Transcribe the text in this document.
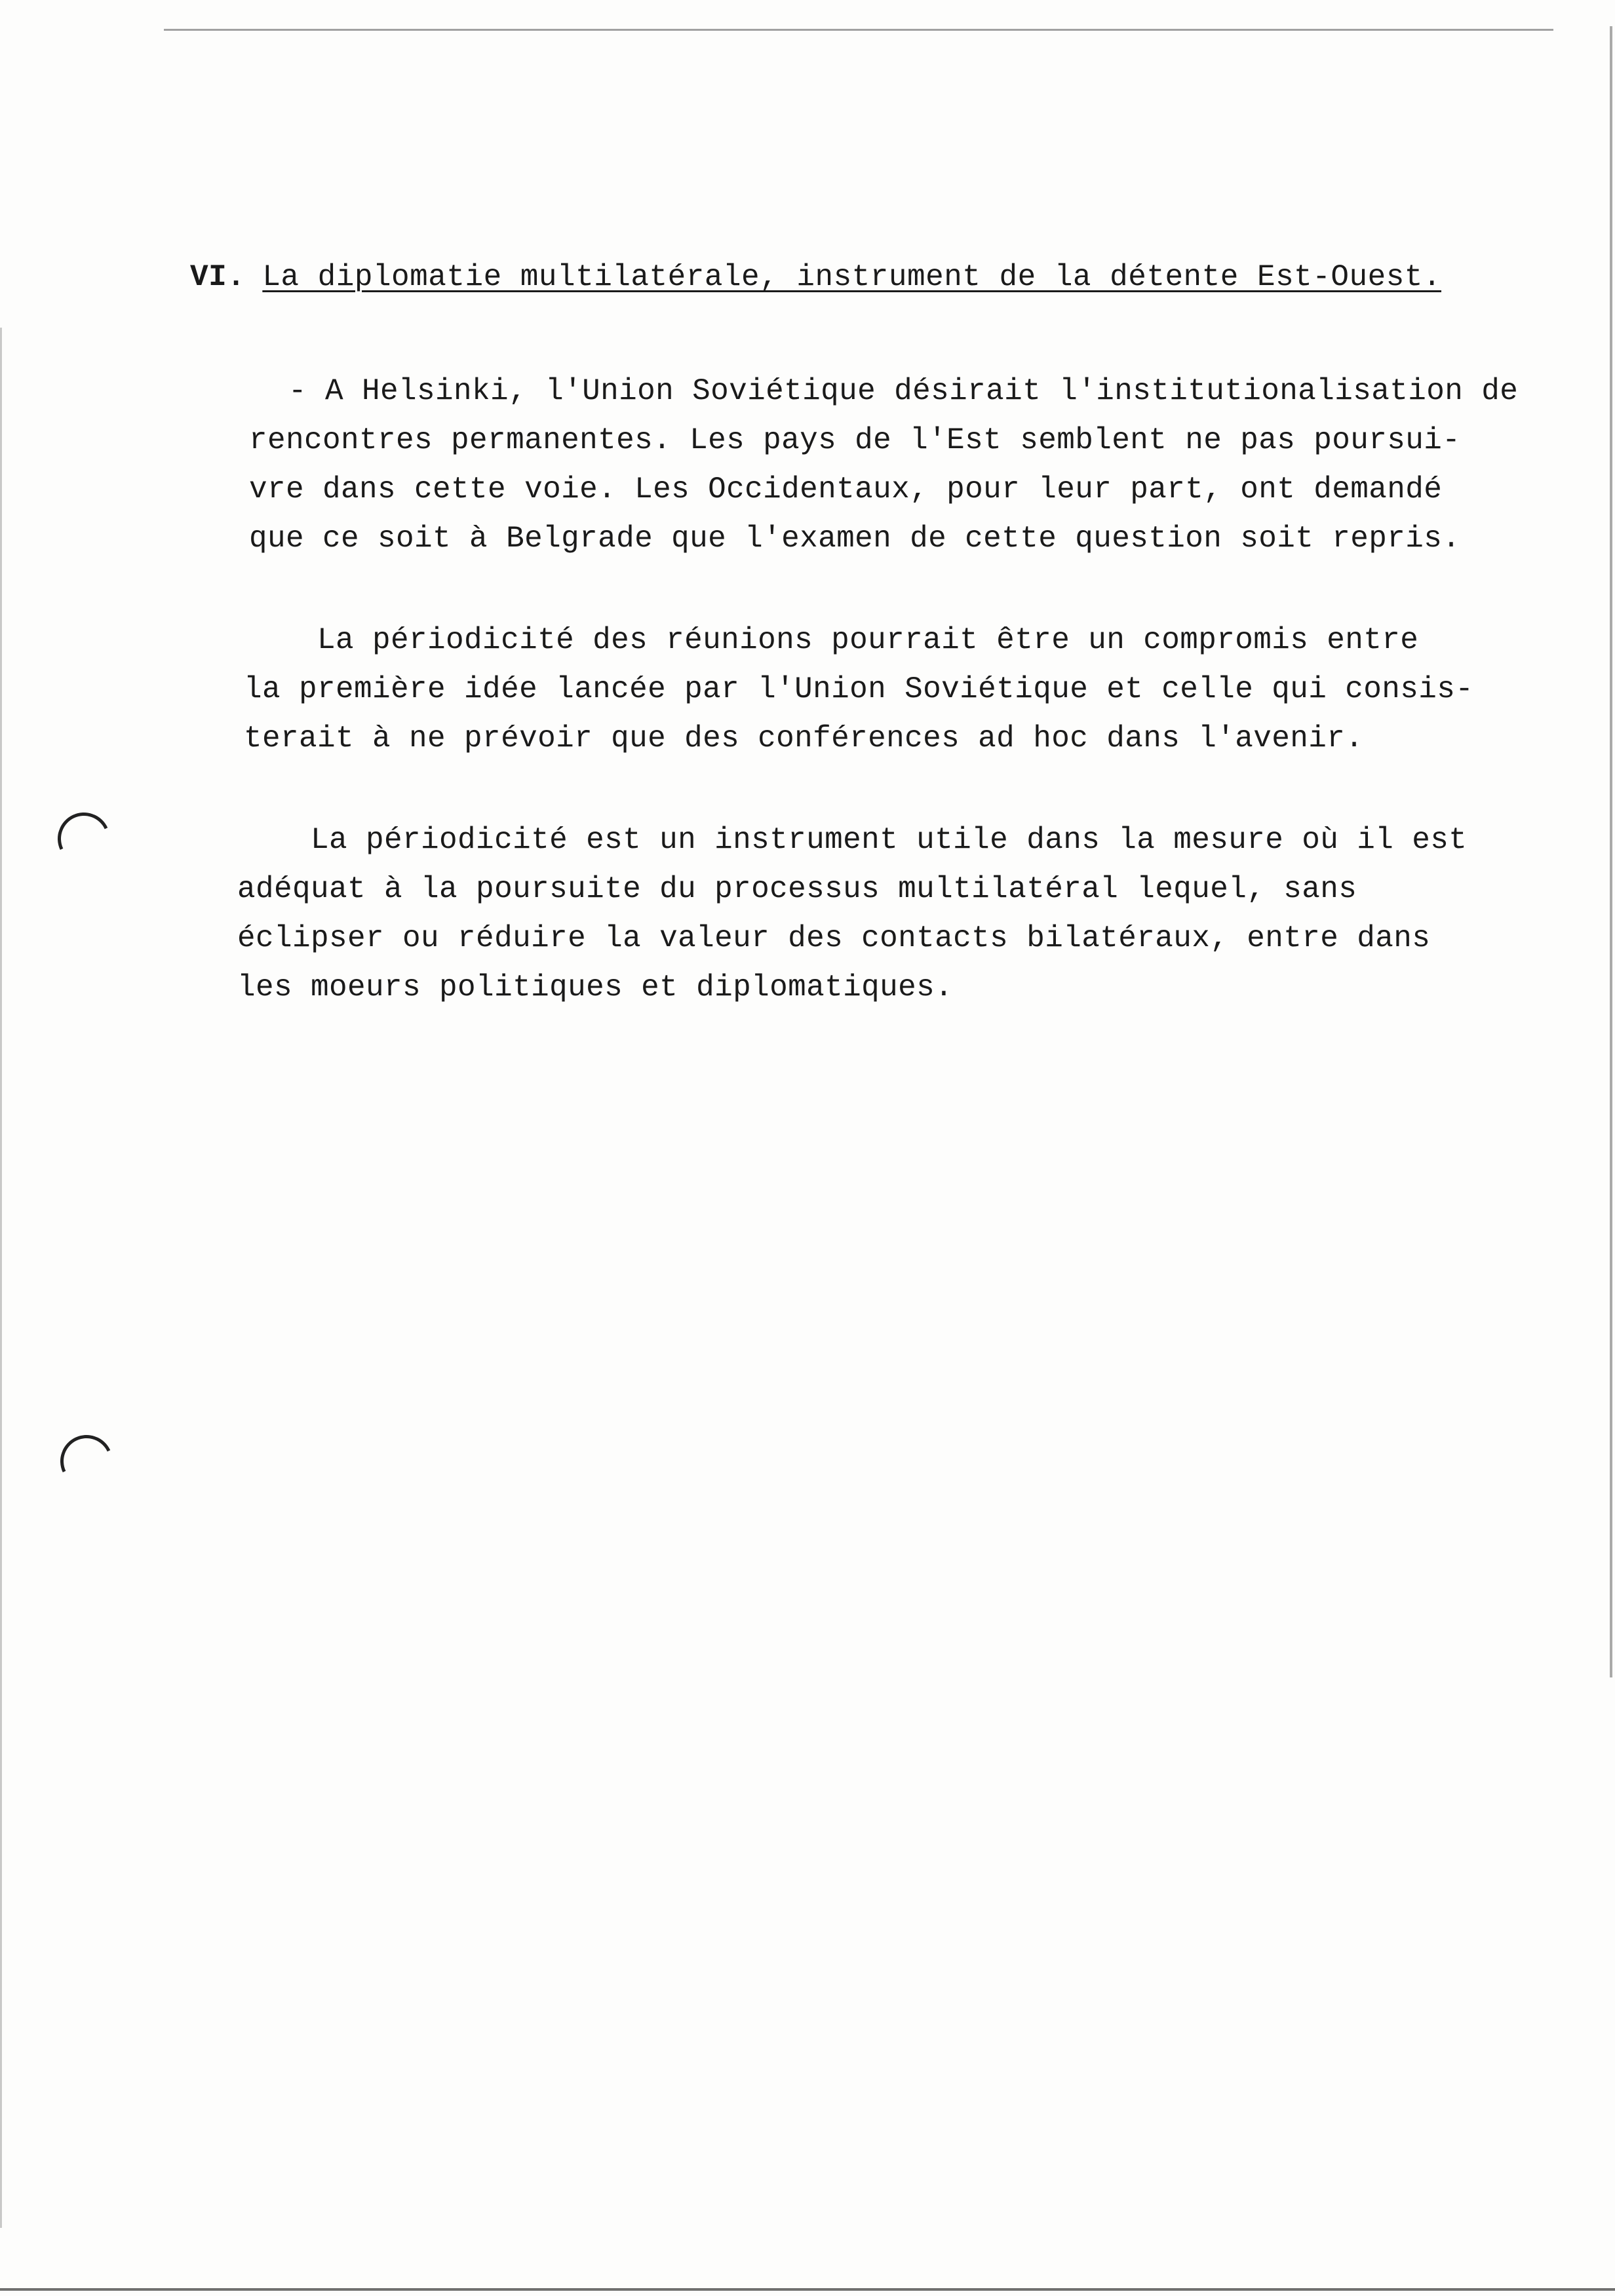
VI. La diplomatie multilatérale, instrument de la détente Est-Ouest.

- A Helsinki, l'Union Soviétique désirait l'institutionalisation de
rencontres permanentes. Les pays de l'Est semblent ne pas poursui-
vre dans cette voie. Les Occidentaux, pour leur part, ont demandé
que ce soit à Belgrade que l'examen de cette question soit repris.

La périodicité des réunions pourrait être un compromis entre
la première idée lancée par l'Union Soviétique et celle qui consis-
terait à ne prévoir que des conférences ad hoc dans l'avenir.

La périodicité est un instrument utile dans la mesure où il est
adéquat à la poursuite du processus multilatéral lequel, sans
éclipser ou réduire la valeur des contacts bilatéraux, entre dans
les moeurs politiques et diplomatiques.
